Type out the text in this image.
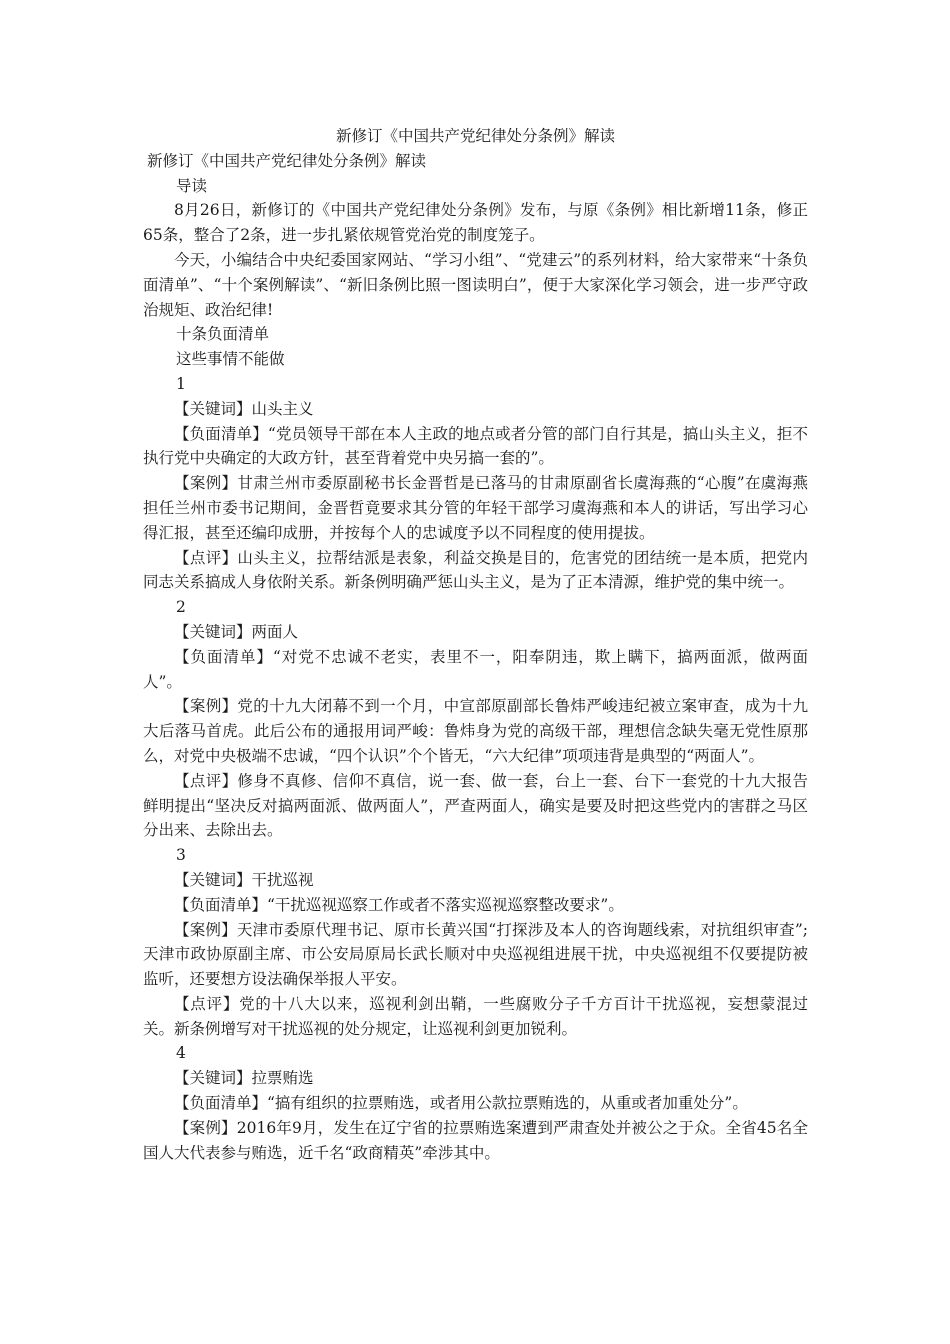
新修订《中国共产党纪律处分条例》解读

新修订《中国共产党纪律处分条例》解读

导读

8月26日，新修订的《中国共产党纪律处分条例》发布，与原《条例》相比新增11条，修正65条，整合了2条，进一步扎紧依规管党治党的制度笼子。

今天，小编结合中央纪委国家网站、“学习小组”、“党建云”的系列材料，给大家带来“十条负面清单”、“十个案例解读”、“新旧条例比照一图读明白”，便于大家深化学习领会，进一步严守政治规矩、政治纪律!

十条负面清单

这些事情不能做

1

【关键词】山头主义

【负面清单】“党员领导干部在本人主政的地点或者分管的部门自行其是，搞山头主义，拒不执行党中央确定的大政方针，甚至背着党中央另搞一套的”。

【案例】甘肃兰州市委原副秘书长金晋哲是已落马的甘肃原副省长虞海燕的“心腹”在虞海燕担任兰州市委书记期间，金晋哲竟要求其分管的年轻干部学习虞海燕和本人的讲话，写出学习心得汇报，甚至还编印成册，并按每个人的忠诚度予以不同程度的使用提拔。

【点评】山头主义，拉帮结派是表象，利益交换是目的，危害党的团结统一是本质，把党内同志关系搞成人身依附关系。新条例明确严惩山头主义，是为了正本清源，维护党的集中统一。

2

【关键词】两面人

【负面清单】“对党不忠诚不老实，表里不一，阳奉阴违，欺上瞒下，搞两面派，做两面人”。

【案例】党的十九大闭幕不到一个月，中宣部原副部长鲁炜严峻违纪被立案审查，成为十九大后落马首虎。此后公布的通报用词严峻：鲁炜身为党的高级干部，理想信念缺失毫无党性原那么，对党中央极端不忠诚，“四个认识”个个皆无，“六大纪律”项项违背是典型的“两面人”。

【点评】修身不真修、信仰不真信，说一套、做一套，台上一套、台下一套党的十九大报告鲜明提出“坚决反对搞两面派、做两面人”，严查两面人，确实是要及时把这些党内的害群之马区分出来、去除出去。

3

【关键词】干扰巡视

【负面清单】“干扰巡视巡察工作或者不落实巡视巡察整改要求”。

【案例】天津市委原代理书记、原市长黄兴国“打探涉及本人的咨询题线索，对抗组织审查”;天津市政协原副主席、市公安局原局长武长顺对中央巡视组进展干扰，中央巡视组不仅要提防被监听，还要想方设法确保举报人平安。

【点评】党的十八大以来，巡视利剑出鞘，一些腐败分子千方百计干扰巡视，妄想蒙混过关。新条例增写对干扰巡视的处分规定，让巡视利剑更加锐利。

4

【关键词】拉票贿选

【负面清单】“搞有组织的拉票贿选，或者用公款拉票贿选的，从重或者加重处分”。

【案例】2016年9月，发生在辽宁省的拉票贿选案遭到严肃查处并被公之于众。全省45名全国人大代表参与贿选，近千名“政商精英”牵涉其中。
